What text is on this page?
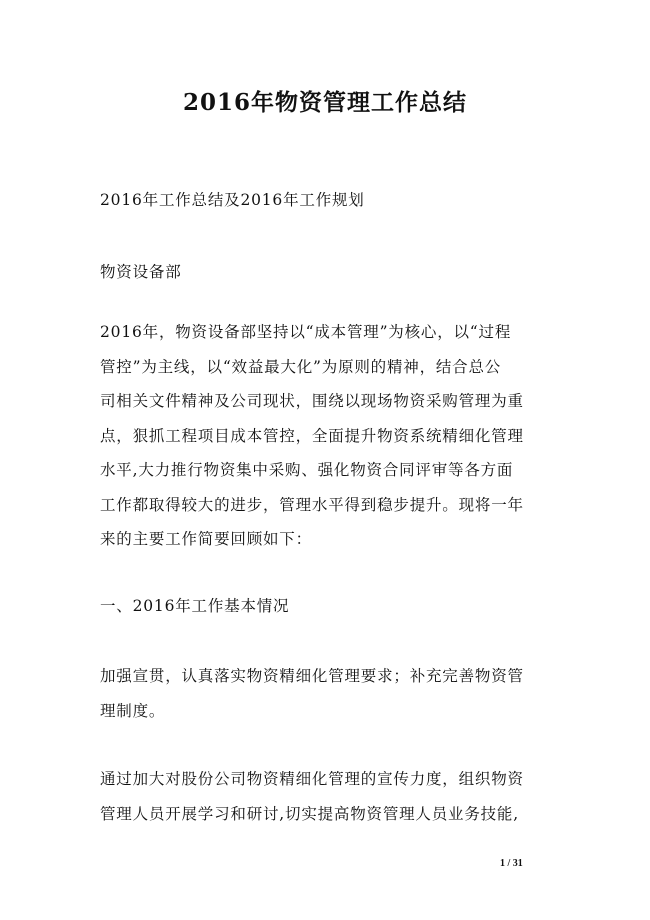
2016年物资管理工作总结
2016年工作总结及2016年工作规划
物资设备部
2016年，物资设备部坚持以“成本管理”为核心，以“过程
管控”为主线，以“效益最大化”为原则的精神，结合总公
司相关文件精神及公司现状，围绕以现场物资采购管理为重
点，狠抓工程项目成本管控，全面提升物资系统精细化管理
水平,大力推行物资集中采购、强化物资合同评审等各方面
工作都取得较大的进步，管理水平得到稳步提升。现将一年
来的主要工作简要回顾如下：
一、2016年工作基本情况
加强宣贯，认真落实物资精细化管理要求；补充完善物资管
理制度。
通过加大对股份公司物资精细化管理的宣传力度，组织物资
管理人员开展学习和研讨,切实提高物资管理人员业务技能,
1 / 31
